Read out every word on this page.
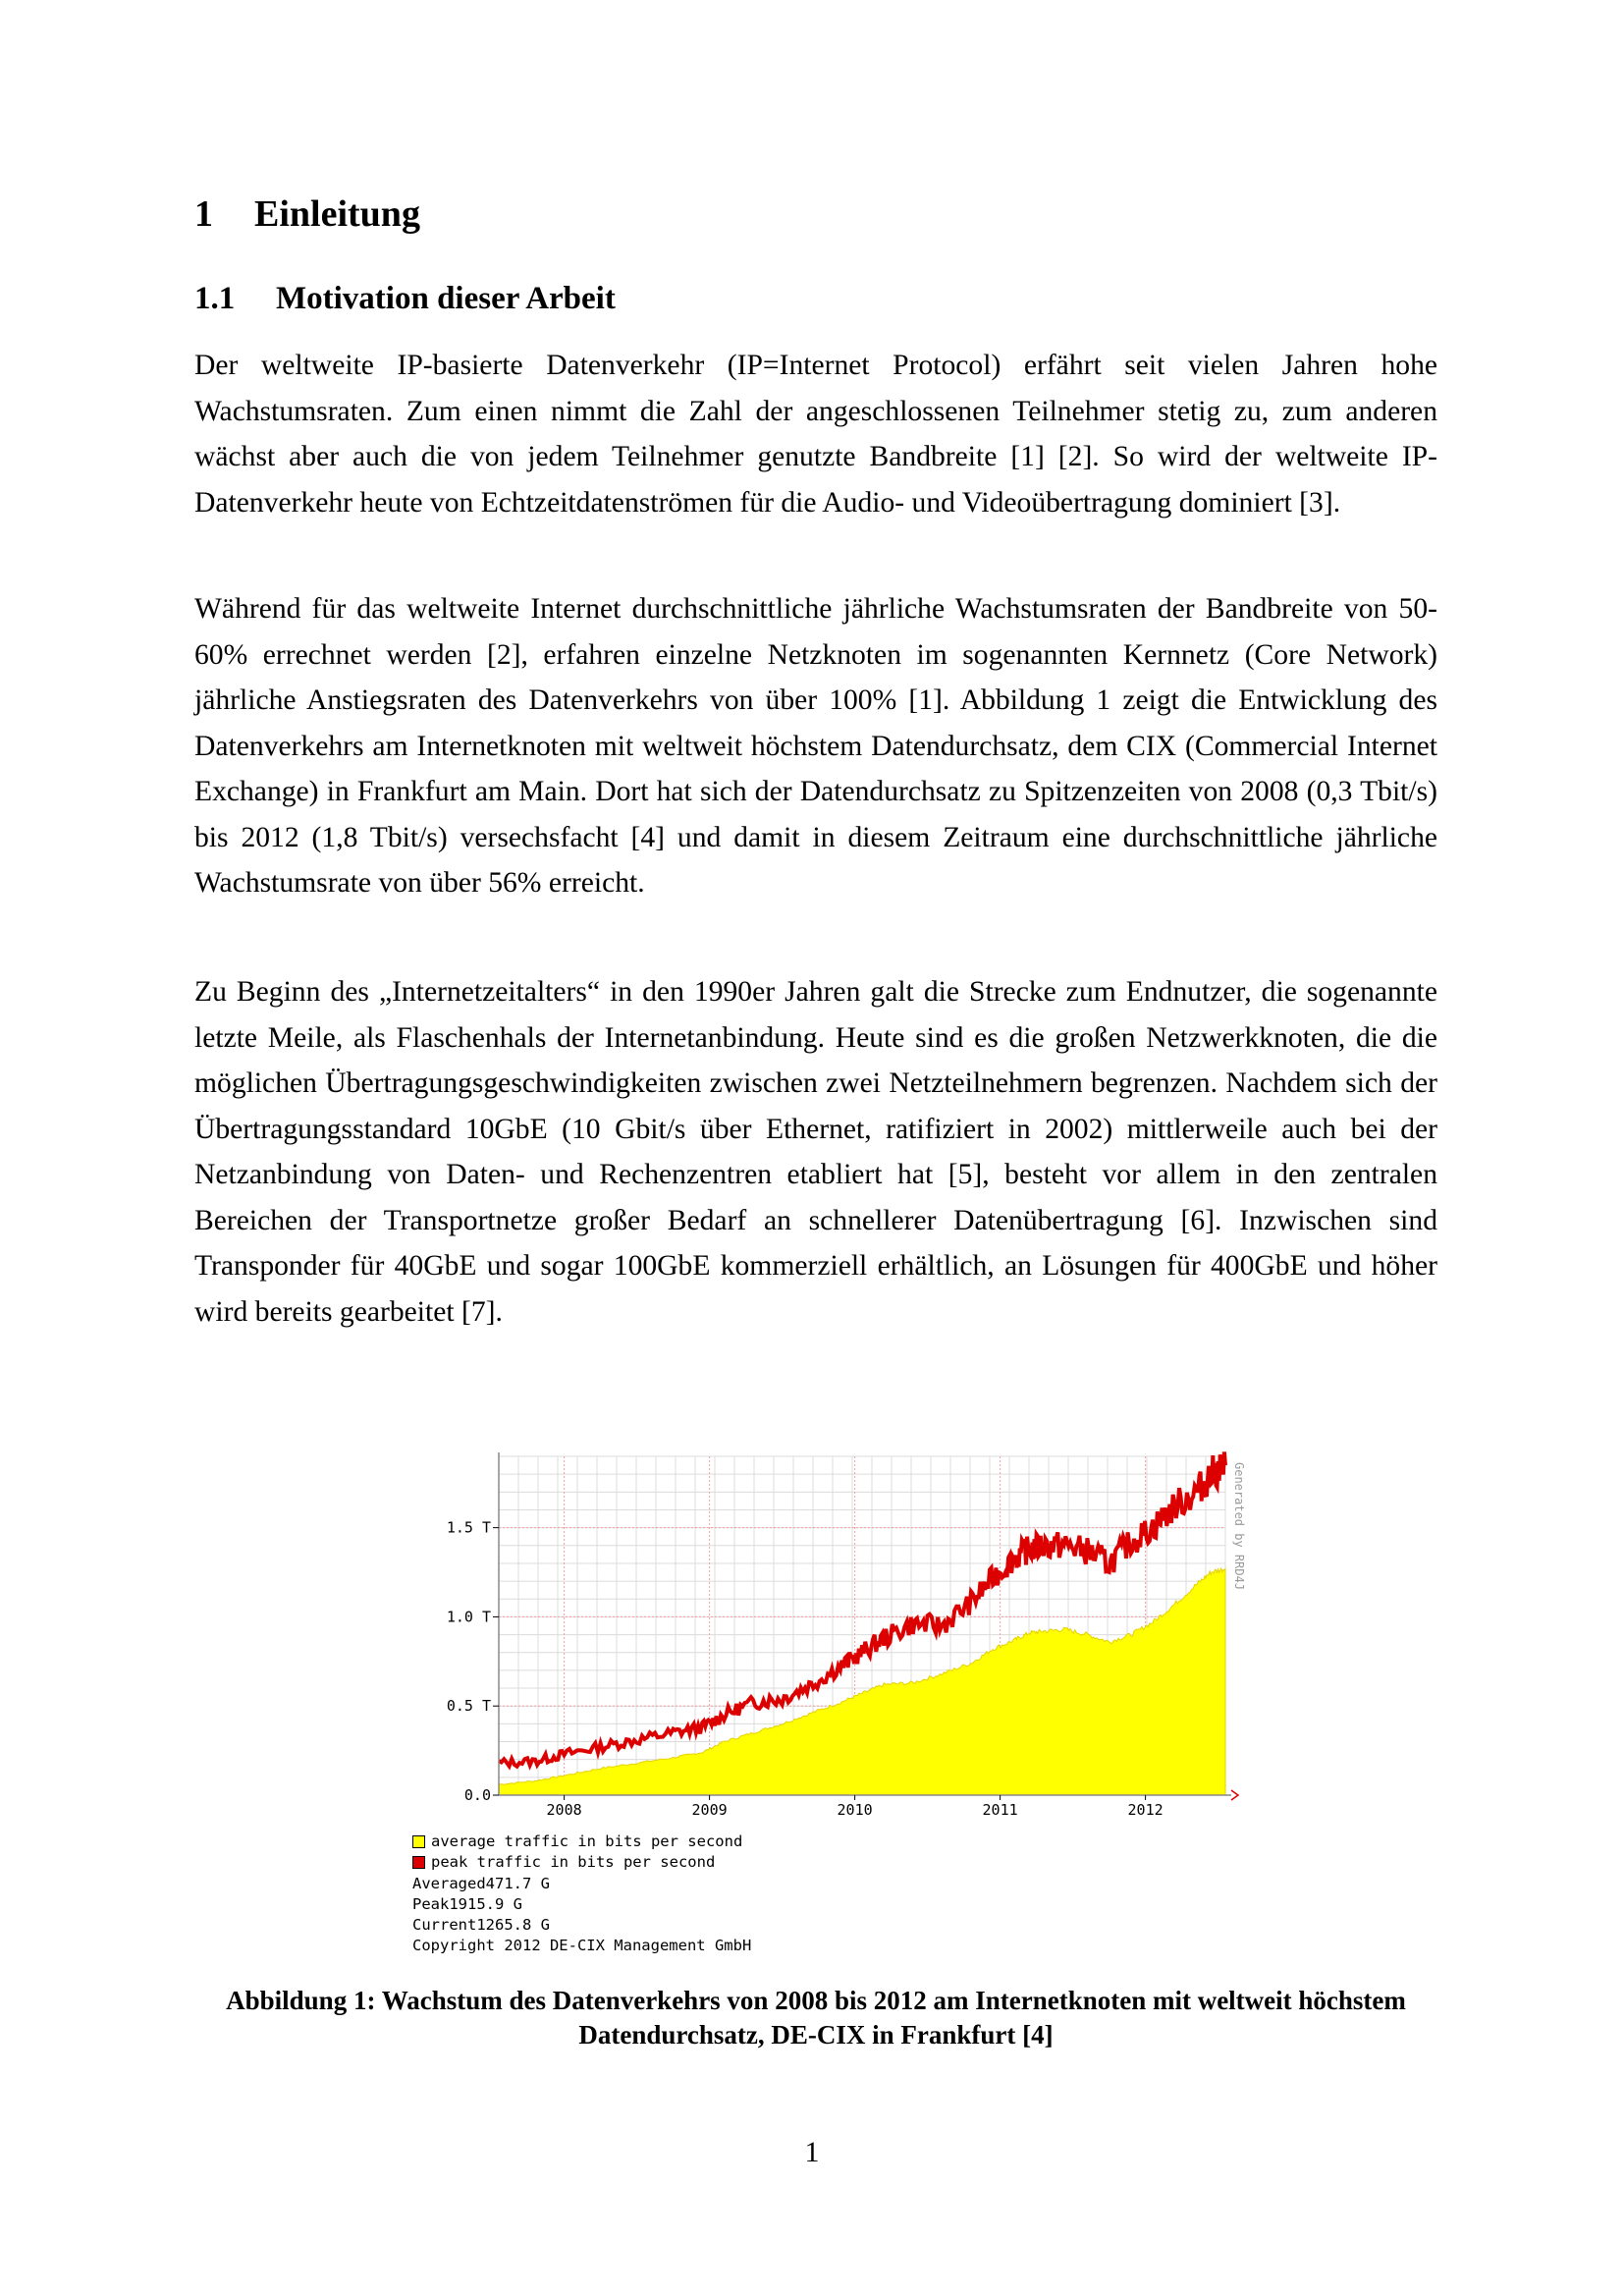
1 Einleitung
1.1 Motivation dieser Arbeit

Der weltweite IP-basierte Datenverkehr (IP=Internet Protocol) erfährt seit vielen Jahren hohe Wachstumsraten. Zum einen nimmt die Zahl der angeschlossenen Teilnehmer stetig zu, zum anderen wächst aber auch die von jedem Teilnehmer genutzte Bandbreite [1] [2]. So wird der weltweite IP-Datenverkehr heute von Echtzeitdatenströmen für die Audio- und Videoübertragung dominiert [3].

Während für das weltweite Internet durchschnittliche jährliche Wachstumsraten der Bandbreite von 50-60% errechnet werden [2], erfahren einzelne Netzknoten im sogenannten Kernnetz (Core Network) jährliche Anstiegsraten des Datenverkehrs von über 100% [1]. Abbildung 1 zeigt die Entwicklung des Datenverkehrs am Internetknoten mit weltweit höchstem Datendurchsatz, dem CIX (Commercial Internet Exchange) in Frankfurt am Main. Dort hat sich der Datendurchsatz zu Spitzenzeiten von 2008 (0,3 Tbit/s) bis 2012 (1,8 Tbit/s) versechsfacht [4] und damit in diesem Zeitraum eine durchschnittliche jährliche Wachstumsrate von über 56% erreicht.

Zu Beginn des „Internetzeitalters“ in den 1990er Jahren galt die Strecke zum Endnutzer, die sogenannte letzte Meile, als Flaschenhals der Internetanbindung. Heute sind es die großen Netzwerkknoten, die die möglichen Übertragungsgeschwindigkeiten zwischen zwei Netzteilnehmern begrenzen. Nachdem sich der Übertragungsstandard 10GbE (10 Gbit/s über Ethernet, ratifiziert in 2002) mittlerweile auch bei der Netzanbindung von Daten- und Rechenzentren etabliert hat [5], besteht vor allem in den zentralen Bereichen der Transportnetze großer Bedarf an schnellerer Datenübertragung [6]. Inzwischen sind Transponder für 40GbE und sogar 100GbE kommerziell erhältlich, an Lösungen für 400GbE und höher wird bereits gearbeitet [7].

0.0
0.5 T
1.0 T
1.5 T
2008	2009	2010	2011	2012
Generated by RRD4J
average traffic in bits per second
peak traffic in bits per second
Averaged 471.7 G
Peak 1915.9 G
Current 1265.8 G
Copyright 2012 DE-CIX Management GmbH
Abbildung 1: Wachstum des Datenverkehrs von 2008 bis 2012 am Internetknoten mit weltweit höchstem
Datendurchsatz, DE-CIX in Frankfurt [4]
1
